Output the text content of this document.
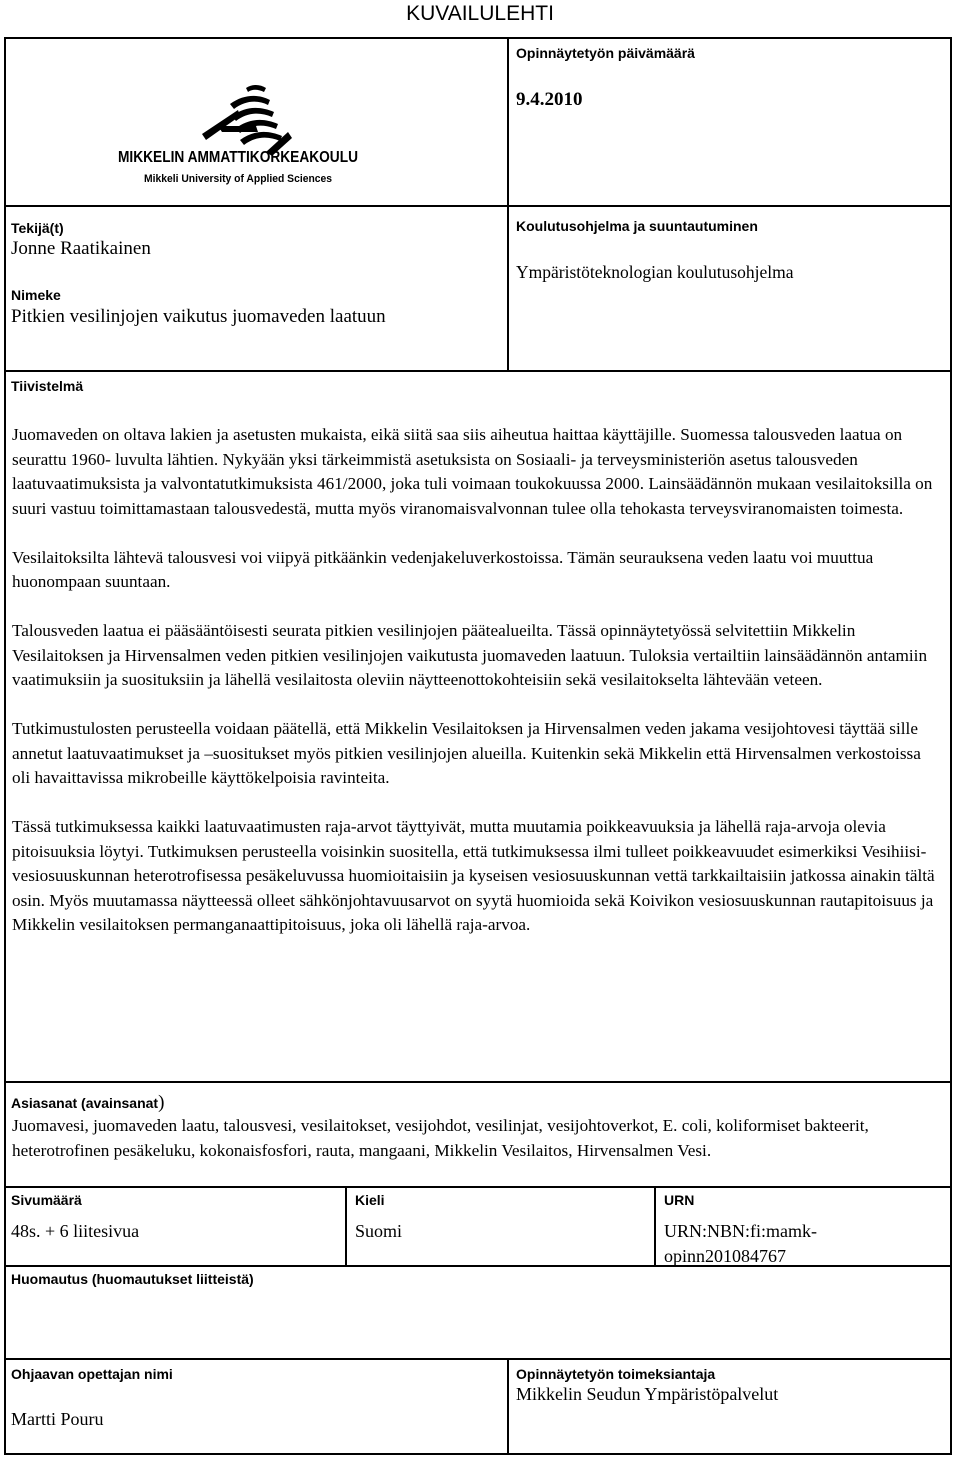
KUVAILULEHTI
MIKKELIN AMMATTIKORKEAKOULU
Mikkeli University of Applied Sciences
Opinnäytetyön päivämäärä
9.4.2010
Tekijä(t)
Jonne Raatikainen
Koulutusohjelma ja suuntautuminen
Ympäristöteknologian koulutusohjelma
Nimeke
Pitkien vesilinjojen vaikutus juomaveden laatuun
Tiivistelmä

Juomaveden on oltava lakien ja asetusten mukaista, eikä siitä saa siis aiheutua haittaa käyttäjille. Suomessa talousveden laatua on seurattu 1960- luvulta lähtien. Nykyään yksi tärkeimmistä asetuksista on Sosiaali- ja terveysministeriön asetus talousveden laatuvaatimuksista ja valvontatutkimuksista 461/2000, joka tuli voimaan toukokuussa 2000. Lainsäädännön mukaan vesilaitoksilla on suuri vastuu toimittamastaan talousvedestä, mutta myös viranomaisvalvonnan tulee olla tehokasta terveysviranomaisten toimesta.

Vesilaitoksilta lähtevä talousvesi voi viipyä pitkäänkin vedenjakeluverkostoissa. Tämän seurauksena veden laatu voi muuttua huonompaan suuntaan.

Talousveden laatua ei pääsääntöisesti seurata pitkien vesilinjojen päätealueilta. Tässä opinnäytetyössä selvitettiin Mikkelin Vesilaitoksen ja Hirvensalmen veden pitkien vesilinjojen vaikutusta juomaveden laatuun. Tuloksia vertailtiin lainsäädännön antamiin vaatimuksiin ja suosituksiin ja lähellä vesilaitosta oleviin näytteenottokohteisiin sekä vesilaitokselta lähtevään veteen.

Tutkimustulosten perusteella voidaan päätellä, että Mikkelin Vesilaitoksen ja Hirvensalmen veden jakama vesijohtovesi täyttää sille annetut laatuvaatimukset ja –suositukset myös pitkien vesilinjojen alueilla. Kuitenkin sekä Mikkelin että Hirvensalmen verkostoissa oli havaittavissa mikrobeille käyttökelpoisia ravinteita.

Tässä tutkimuksessa kaikki laatuvaatimusten raja-arvot täyttyivät, mutta muutamia poikkeavuuksia ja lähellä raja-arvoja olevia pitoisuuksia löytyi. Tutkimuksen perusteella voisinkin suositella, että tutkimuksessa ilmi tulleet poikkeavuudet esimerkiksi Vesihiisi-vesiosuuskunnan heterotrofisessa pesäkeluvussa huomioitaisiin ja kyseisen vesiosuuskunnan vettä tarkkailtaisiin jatkossa ainakin tältä osin. Myös muutamassa näytteessä olleet sähkönjohtavuusarvot on syytä huomioida sekä Koivikon vesiosuuskunnan rautapitoisuus ja Mikkelin vesilaitoksen permanganaattipitoisuus, joka oli lähellä raja-arvoa.

Asiasanat (avainsanat)
Juomavesi, juomaveden laatu, talousvesi, vesilaitokset, vesijohdot, vesilinjat, vesijohtoverkot, E. coli, koliformiset bakteerit, heterotrofinen pesäkeluku, kokonaisfosfori, rauta, mangaani, Mikkelin Vesilaitos, Hirvensalmen Vesi.
Sivumäärä
48s. + 6 liitesivua
Kieli
Suomi
URN
URN:NBN:fi:mamk-
opinn201084767
Huomautus (huomautukset liitteistä)
Ohjaavan opettajan nimi
Martti Pouru
Opinnäytetyön toimeksiantaja
Mikkelin Seudun Ympäristöpalvelut
